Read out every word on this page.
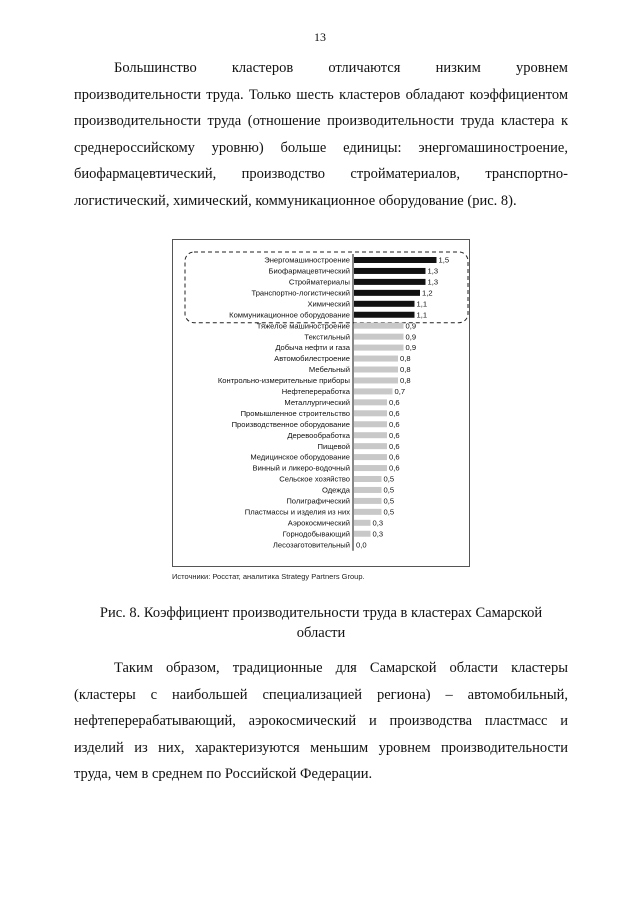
13
Большинство кластеров отличаются низким уровнем производительности труда. Только шесть кластеров обладают коэффициентом производительности труда (отношение производительности труда кластера к среднероссийскому уровню) больше единицы: энергомашиностроение, биофармацевтический, производство стройматериалов, транспортно-логистический, химический, коммуникационное оборудование (рис. 8).
Энергомашиностроение	1,5
Биофармацевтический	1,3
Стройматериалы	1,3
Транспортно-логистический	1,2
Химический	1,1
Коммуникационное оборудование	1,1
Тяжелое машиностроение	0,9
Текстильный	0,9
Добыча нефти и газа	0,9
Автомобилестроение	0,8
Мебельный	0,8
Контрольно-измерительные приборы	0,8
Нефтепереработка	0,7
Металлургический	0,6
Промышленное строительство	0,6
Производственное оборудование	0,6
Деревообработка	0,6
Пищевой	0,6
Медицинское оборудование	0,6
Винный и ликеро-водочный	0,6
Сельское хозяйство	0,5
Одежда	0,5
Полиграфический	0,5
Пластмассы и изделия из них	0,5
Аэрокосмический	0,3
Горнодобывающий	0,3
Лесозаготовительный 0,0
Источники: Росстат, аналитика Strategy Partners Group.
Рис. 8. Коэффициент производительности труда в кластерах Самарской области
Таким образом, традиционные для Самарской области кластеры (кластеры с наибольшей специализацией региона) – автомобильный, нефтеперерабатывающий, аэрокосмический и производства пластмасс и изделий из них, характеризуются меньшим уровнем производительности труда, чем в среднем по Российской Федерации.
